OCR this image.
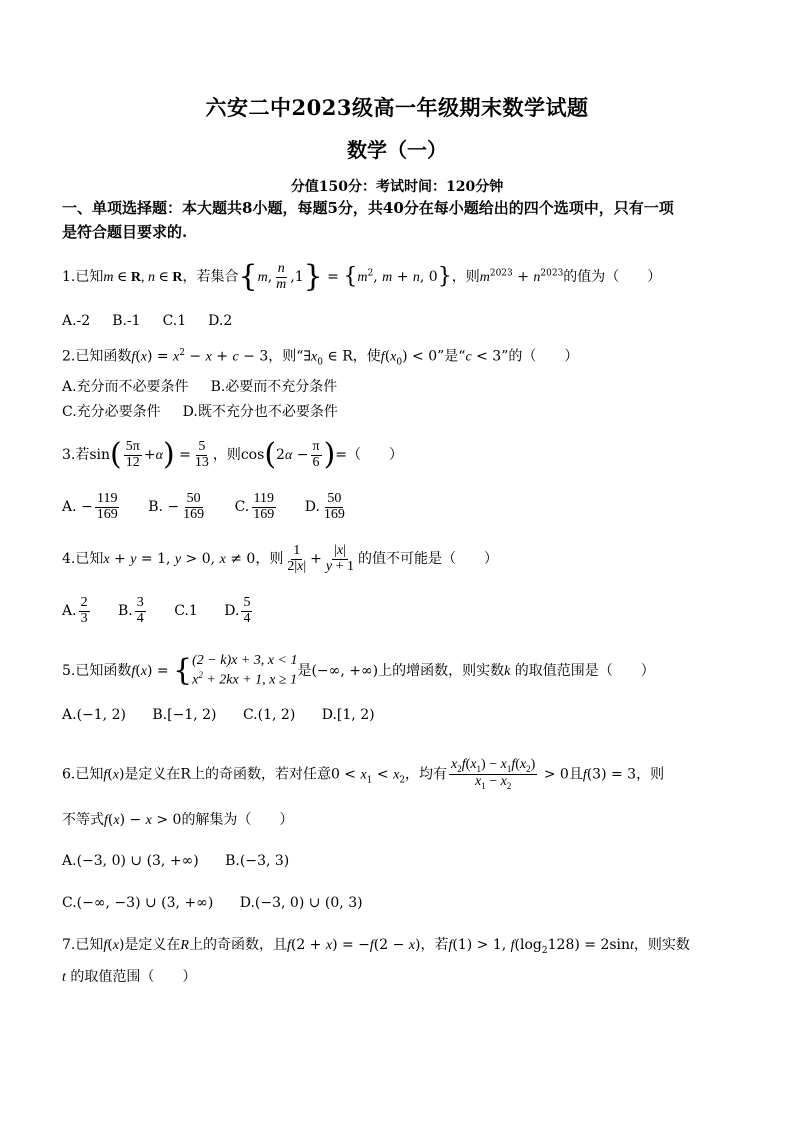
六安二中2023级高一年级期末数学试题
数学（一）
分值150分：考试时间：120分钟
一、单项选择题：本大题共8小题，每题5分，共40分在每小题给出的四个选项中，只有一项
是符合题目要求的.
1.已知m ∈ R, n ∈ R，若集合{m, $\frac{n}{m} ,1\} = \{m^2$, m + n, 0}，则$m^{2023} + n^{2023}$的值为（　　）
A.-2 B.-1 C.1 D.2
2.已知函数$f(x) = x^2 - x + c - 3$，则“$\exists x_0$ ∈ R，使$f(x_0) < 0$”是“c < 3”的（　　）
A.充分而不必要条件 B.必要而不充分条件
C.充分必要条件 D.既不充分也不必要条件
3.若$\sin( \frac{5\pi}{12} +\alpha) = \frac{5}{13}$ ，则$\cos(2\alpha - \frac{\pi}{6}$ )=（　　）
A. − $\frac{119}{169} B$. − $\frac{50}{169} C$. $\frac{119}{169} D$. $\frac{50}{169}$
4.已知x + y = 1, y > 0, x ≠ 0，则 $\frac{1}{2|x|} + \frac{|x|}{y + 1}$ 的值不可能是（　　）
A. $\frac{2}{3} B$. $\frac{3}{4} C.1$ D. $\frac{5}{4}$
5.已知函数f(x) = { (2 − k)x + 3, x < 1
$x^2 + 2kx + 1$, x ≥ 1
是(−∞, +∞)上的增函数，则实数k 的取值范围是（　　）
A.(−1, 2) B.[−1, 2) C.(1, 2) D.[1, 2)
6.已知f(x)是定义在R上的奇函数，若对任意$0 < x_1 < x_2$，均有 $\frac{x_2f(x_1) - x_1f(x_2)}{x_1 - x_2} > 0$且f(3) = 3，则
不等式f(x) − x > 0的解集为（　　）
A.(−3, 0) ∪ (3, +∞) B.(−3, 3)
C.(−∞, −3) ∪ (3, +∞) D.(−3, 0) ∪ (0, 3)
7.已知f(x)是定义在R上的奇函数，且f(2 + x) = −f(2 − x)，若f(1) > 1, $f(\log_2128) = 2\sin t$，则实数
t 的取值范围（　　）
